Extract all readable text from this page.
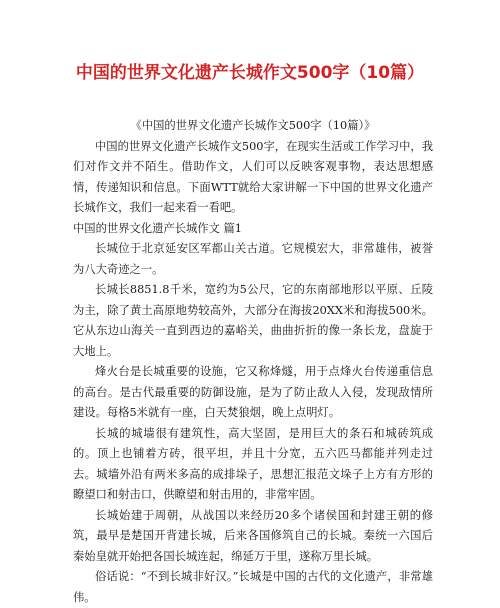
中国的世界文化遗产长城作文500字（10篇）

《中国的世界文化遗产长城作文500字（10篇）》

中国的世界文化遗产长城作文500字，在现实生活或工作学习中，我们对作文并不陌生。借助作文，人们可以反映客观事物，表达思想感情，传递知识和信息。下面WTT就给大家讲解一下中国的世界文化遗产长城作文，我们一起来看一看吧。

中国的世界文化遗产长城作文 篇1

长城位于北京延安区军都山关古道。它规模宏大，非常雄伟，被誉为八大奇迹之一。

长城长8851.8千米，宽约为5公尺，它的东南部地形以平原、丘陵为主，除了黄土高原地势较高外，大部分在海拔20XX米和海拔500米。它从东边山海关一直到西边的嘉峪关，曲曲折折的像一条长龙，盘旋于大地上。

烽火台是长城重要的设施，它又称烽燧，用于点烽火台传递重信息的高台。是古代最重要的防御设施，是为了防止敌人入侵，发现敌情所建设。每格5米就有一座，白天焚狼烟，晚上点明灯。

长城的城墙很有建筑性，高大坚固，是用巨大的条石和城砖筑成的。顶上也铺着方砖，很平坦，并且十分宽，五六匹马都能并列走过去。城墙外沿有两米多高的成排垛子，思想汇报范文垛子上方有方形的瞭望口和射击口，供瞭望和射击用的，非常牢固。

长城始建于周朝，从战国以来经历20多个诸侯国和封建王朝的修筑，最早是楚国开背建长城，后来各国修筑自己的长城。秦统一六国后秦始皇就开始把各国长城连起，绵延万于里，遂称万里长城。

俗话说：“不到长城非好汉。”长城是中国的古代的文化遗产，非常雄伟。
